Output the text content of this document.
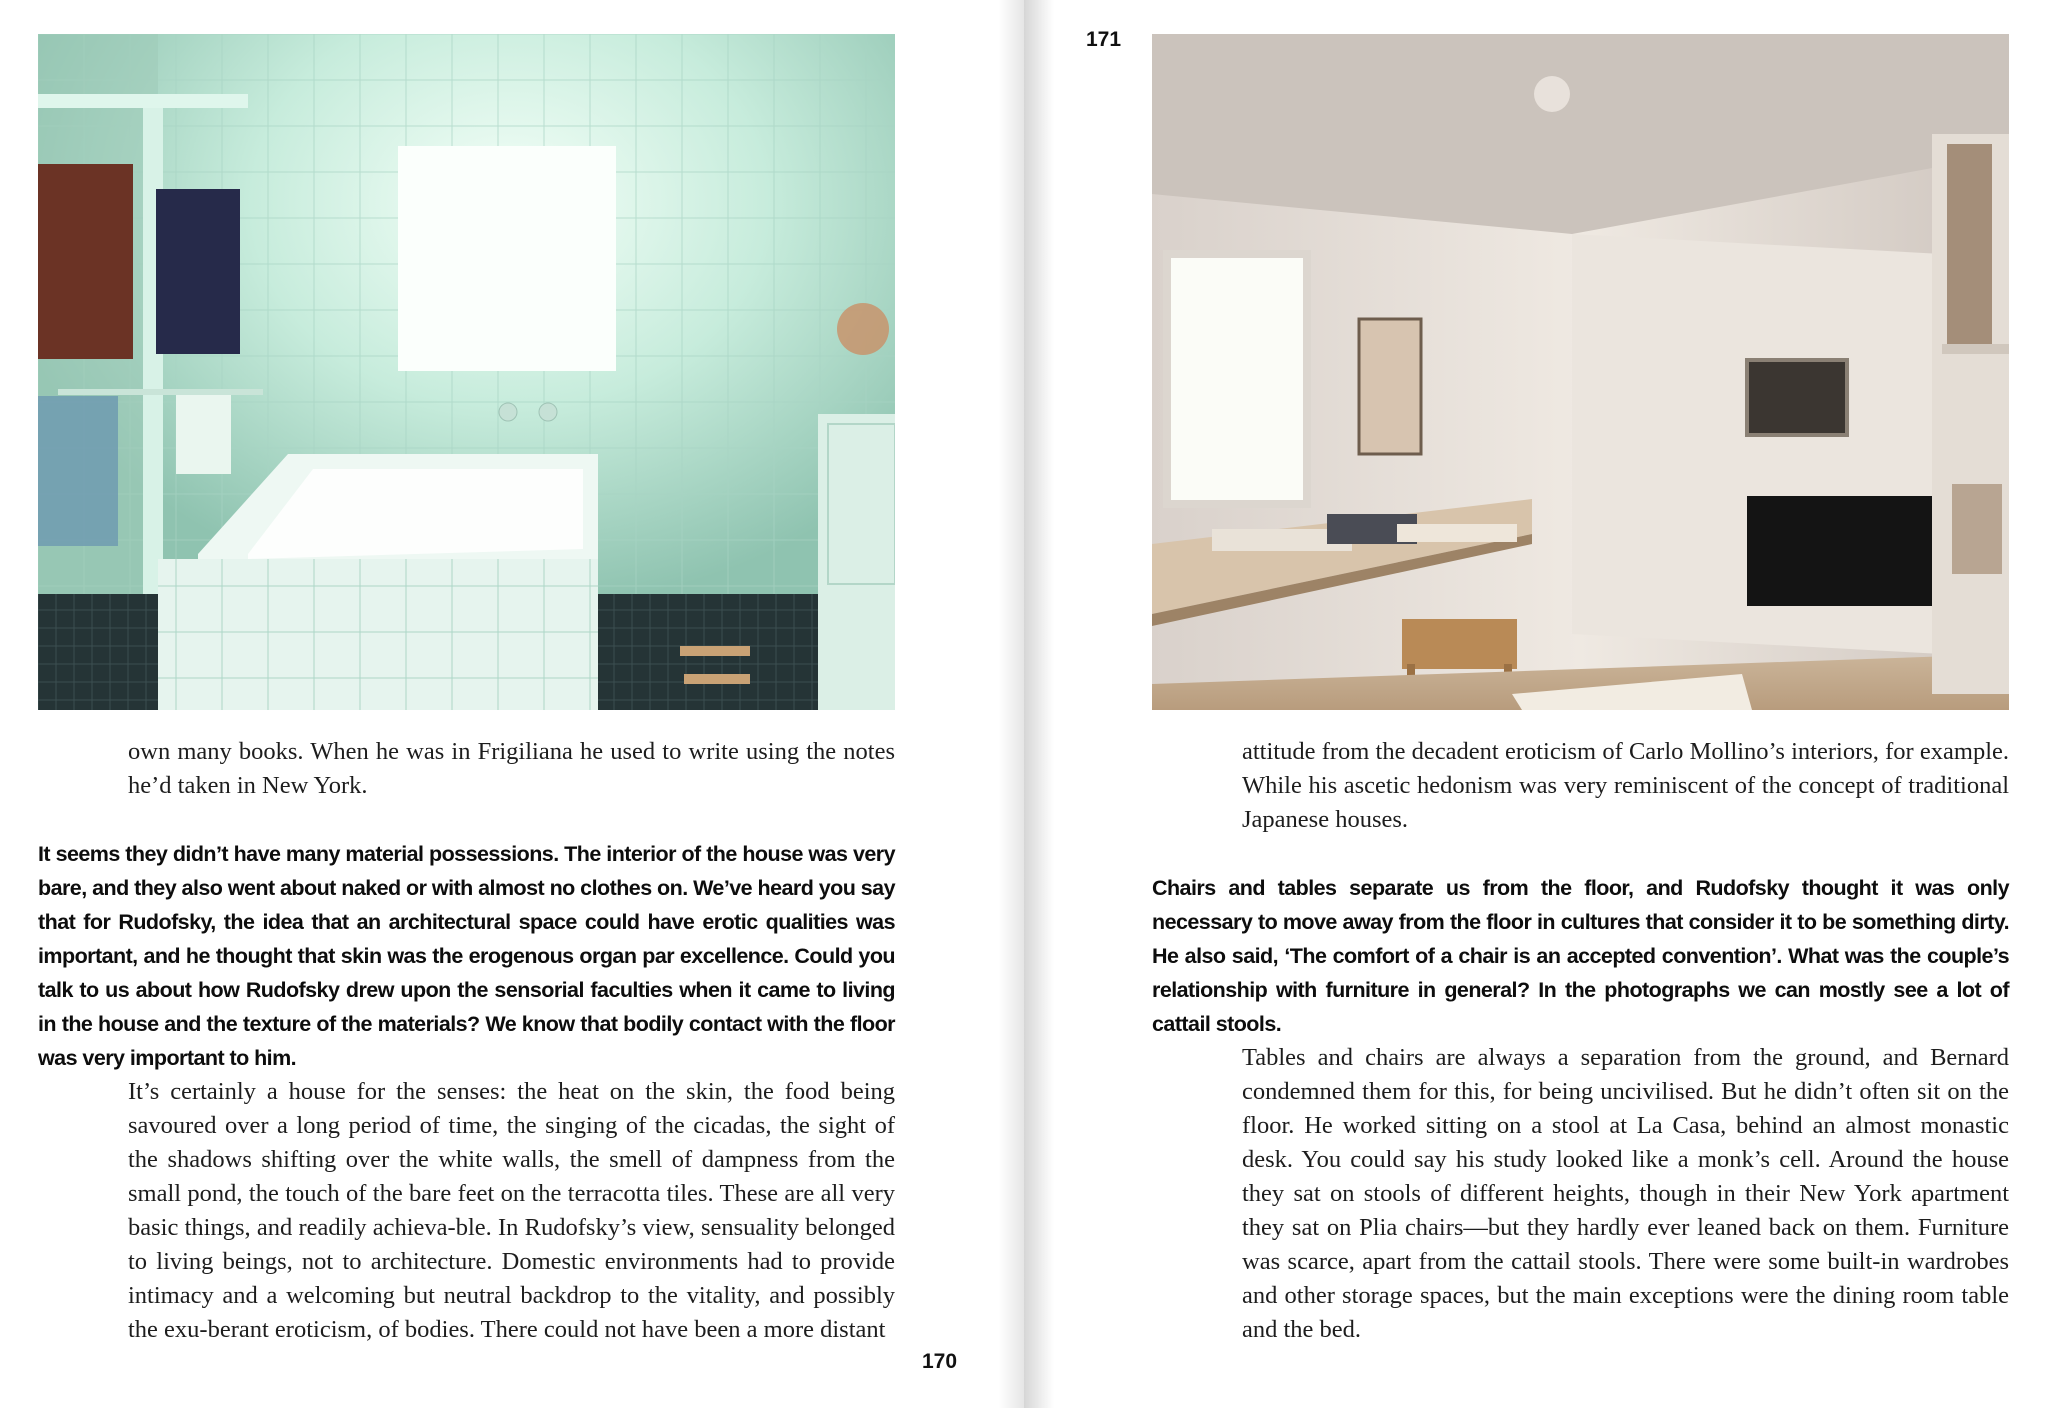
own many books. When he was in Frigiliana he used to write using the notes he’d taken in New York.

It seems they didn’t have many material possessions. The interior of the house was very bare, and they also went about naked or with almost no clothes on. We’ve heard you say that for Rudofsky, the idea that an architectural space could have erotic qualities was important, and he thought that skin was the erogenous organ par excellence. Could you talk to us about how Rudofsky drew upon the sensorial faculties when it came to living in the house and the texture of the materials? We know that bodily contact with the floor was very important to him.

It’s certainly a house for the senses: the heat on the skin, the food being savoured over a long period of time, the singing of the cicadas, the sight of the shadows shifting over the white walls, the smell of dampness from the small pond, the touch of the bare feet on the terracotta tiles. These are all very basic things, and readily achieva-ble. In Rudofsky’s view, sensuality belonged to living beings, not to architecture. Domestic environments had to provide intimacy and a welcoming but neutral backdrop to the vitality, and possibly the exu-berant eroticism, of bodies. There could not have been a more distant

170
171

attitude from the decadent eroticism of Carlo Mollino’s interiors, for example. While his ascetic hedonism was very reminiscent of the concept of traditional Japanese houses.

Chairs and tables separate us from the floor, and Rudofsky thought it was only necessary to move away from the floor in cultures that consider it to be something dirty. He also said, ‘The comfort of a chair is an accepted convention’. What was the couple’s relationship with furniture in general? In the photographs we can mostly see a lot of cattail stools.

Tables and chairs are always a separation from the ground, and Bernard condemned them for this, for being uncivilised. But he didn’t often sit on the floor. He worked sitting on a stool at La Casa, behind an almost monastic desk. You could say his study looked like a monk’s cell. Around the house they sat on stools of different heights, though in their New York apartment they sat on Plia chairs—but they hardly ever leaned back on them. Furniture was scarce, apart from the cattail stools. There were some built-in wardrobes and other storage spaces, but the main exceptions were the dining room table and the bed.
